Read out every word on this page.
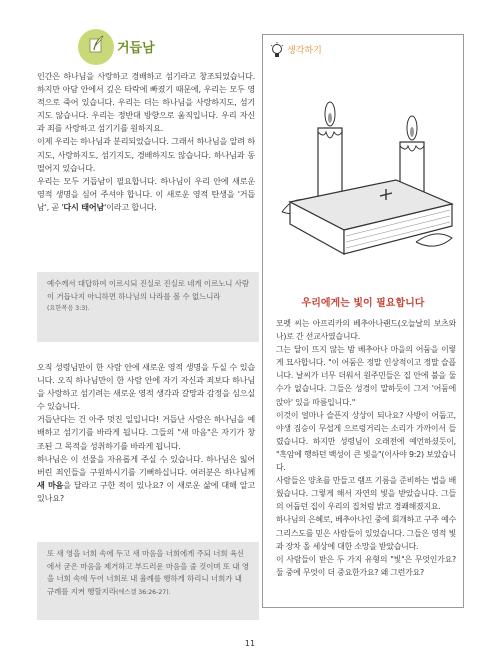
거듭남

인간은 하나님을 사랑하고 경배하고 섬기라고 창조되었습니다. 하지만 아담 안에서 깊은 타락에 빠졌기 때문에, 우리는 모두 영적으로 죽어 있습니다. 우리는 더는 하나님을 사랑하지도, 섬기지도 않습니다. 우리는 정반대 방향으로 움직입니다. 우리 자신과 죄를 사랑하고 섬기기를 원하지요.

이제 우리는 하나님과 분리되었습니다. 그래서 하나님을 알려 하지도, 사랑하지도, 섬기지도, 경배하지도 않습니다. 하나님과 동떨어지 있습니다.

우리는 모두 거듭남이 필요합니다. 하나님이 우리 안에 새로운 영적 생명을 심어 주셔야 합니다. 이 새로운 영적 탄생을 '거듭남', 곧 '다시 태어남'이라고 합니다.

예수께서 대답하여 이르시되 진실로 진실로 네게 이르노니 사람이 거듭나지 아니하면 하나님의 나라를 볼 수 없느니라
(요한복음 3:3).

오직 성령님만이 한 사람 안에 새로운 영적 생명을 두실 수 있습니다. 오직 하나님만이 한 사람 안에 자기 자신과 죄보다 하나님을 사랑하고 섬기려는 새로운 영적 생각과 갈망과 감정을 심으실 수 있습니다.

거듭난다는 건 아주 멋진 일입니다! 거듭난 사람은 하나님을 예배하고 섬기기를 바라게 됩니다. 그들의 "새 마음"은 자기가 창조된 그 목적을 성취하기를 바라게 됩니다.

하나님은 이 선물을 자유롭게 주실 수 있습니다. 하나님은 잃어버린 죄인들을 구원하시기를 기뻐하십니다. 여러분은 하나님께 새 마음을 달라고 구한 적이 있나요? 이 새로운 삶에 대해 알고 있나요?

또 새 영을 너희 속에 두고 새 마음을 너희에게 주되 너희 육신에서 굳은 마음을 제거하고 부드러운 마음을 줄 것이며 또 내 영을 너희 속에 두어 너희로 내 율례를 행하게 하리니 너희가 내 규례를 지켜 행할지라(에스겔 36:26-27).
생각하기
우리에게는 빛이 필요합니다

모펫 씨는 아프리카의 베추아나랜드(오늘날의 보츠와나)로 간 선교사였습니다.

그는 달이 뜨지 않는 밤 베추아나 마을의 어둠을 이렇게 묘사합니다. "이 어둠은 정말 인상적이고 정말 슬픕니다. 날씨가 너무 더워서 원주민들은 집 안에 불을 둘 수가 없습니다. 그들은 성경이 말하듯이 그저 '어둠에 앉아' 있을 따름입니다."

이것이 얼마나 슬픈지 상상이 되나요? 사방이 어둡고, 야생 짐승이 무섭게 으르렁거리는 소리가 가까이서 들렸습니다. 하지만 성령님이 오래전에 예언하셨듯이, "흑암에 행하던 백성이 큰 빛을"(이사야 9:2) 보았습니다.

사람들은 양초를 만들고 램프 기름을 준비하는 법을 배웠습니다. 그렇게 해서 자연의 빛을 받았습니다. 그들의 어둡던 집이 우리의 집처럼 밝고 경쾌해졌지요.

하나님의 은혜로, 베추아나인 중에 회개하고 구주 예수 그리스도를 믿은 사람들이 있었습니다. 그들은 영적 빛과 장차 올 세상에 대한 소망을 받았습니다.

이 사람들이 받은 두 가지 유형의 "빛"은 무엇인가요? 둘 중에 무엇이 더 중요한가요? 왜 그런가요?

11
